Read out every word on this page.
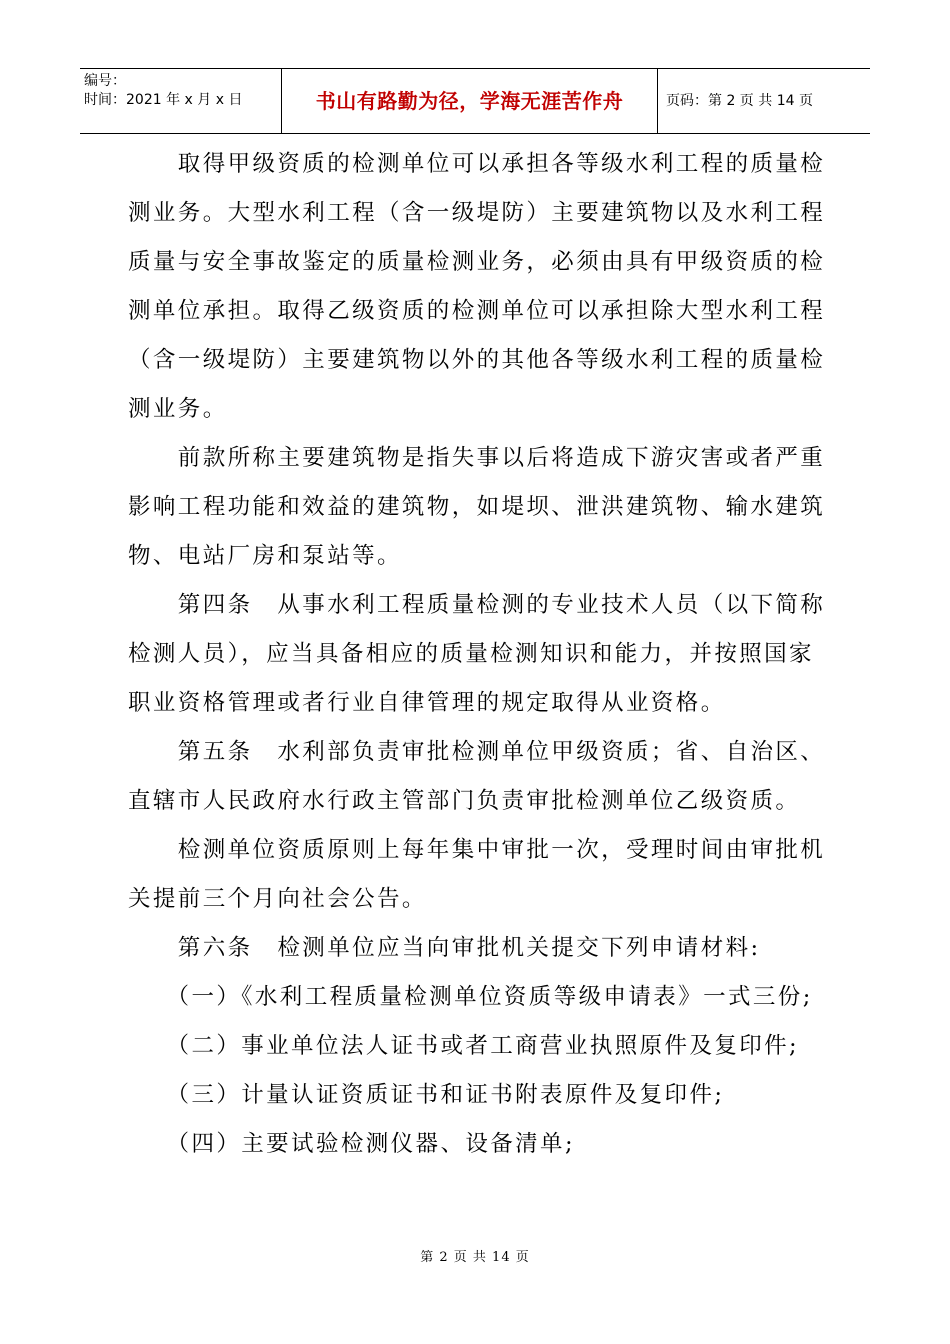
编号：
时间：2021 年 x 月 x 日	书山有路勤为径，学海无涯苦作舟	页码：第 2 页 共 14 页

　　取得甲级资质的检测单位可以承担各等级水利工程的质量检测业务。大型水利工程（含一级堤防）主要建筑物以及水利工程质量与安全事故鉴定的质量检测业务，必须由具有甲级资质的检测单位承担。取得乙级资质的检测单位可以承担除大型水利工程（含一级堤防）主要建筑物以外的其他各等级水利工程的质量检测业务。

　　前款所称主要建筑物是指失事以后将造成下游灾害或者严重影响工程功能和效益的建筑物，如堤坝、泄洪建筑物、输水建筑物、电站厂房和泵站等。

　　第四条　从事水利工程质量检测的专业技术人员（以下简称检测人员），应当具备相应的质量检测知识和能力，并按照国家职业资格管理或者行业自律管理的规定取得从业资格。

　　第五条　水利部负责审批检测单位甲级资质；省、自治区、直辖市人民政府水行政主管部门负责审批检测单位乙级资质。

　　检测单位资质原则上每年集中审批一次，受理时间由审批机关提前三个月向社会公告。

　　第六条　检测单位应当向审批机关提交下列申请材料:

　　（一）《水利工程质量检测单位资质等级申请表》一式三份;

　　（二）事业单位法人证书或者工商营业执照原件及复印件;

　　（三）计量认证资质证书和证书附表原件及复印件;

　　（四）主要试验检测仪器、设备清单;

第 2 页 共 14 页
